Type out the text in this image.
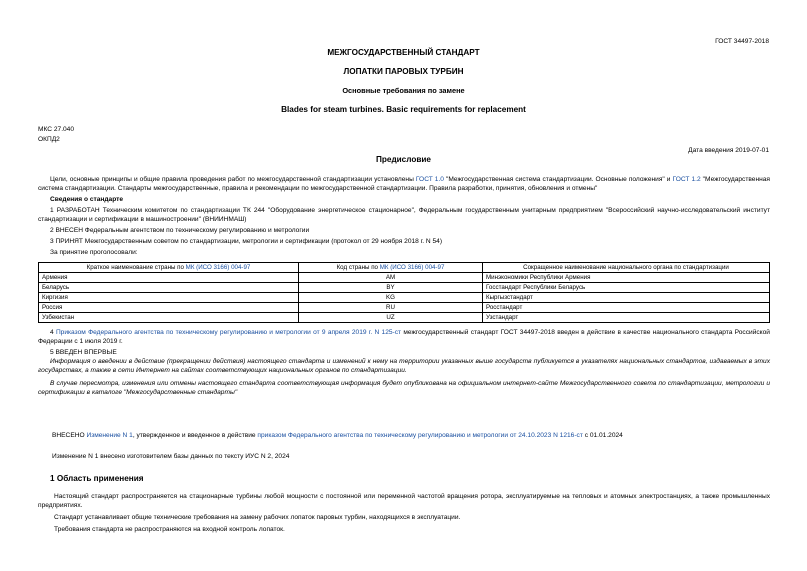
ГОСТ 34497-2018
МЕЖГОСУДАРСТВЕННЫЙ СТАНДАРТ
ЛОПАТКИ ПАРОВЫХ ТУРБИН
Основные требования по замене
Blades for steam turbines. Basic requirements for replacement
МКС 27.040
ОКПД2
Дата введения 2019-07-01
Предисловие
Цели, основные принципы и общие правила проведения работ по межгосударственной стандартизации установлены ГОСТ 1.0 "Межгосударственная система стандартизации. Основные положения" и ГОСТ 1.2 "Межгосударственная система стандартизации. Стандарты межгосударственные, правила и рекомендации по межгосударственной стандартизации. Правила разработки, принятия, обновления и отмены"
Сведения о стандарте
1 РАЗРАБОТАН Техническим комитетом по стандартизации ТК 244 "Оборудование энергетическое стационарное", Федеральным государственным унитарным предприятием "Всероссийский научно-исследовательский институт стандартизации и сертификации в машиностроении" (ВНИИНМАШ)
2 ВНЕСЕН Федеральным агентством по техническому регулированию и метрологии
3 ПРИНЯТ Межгосударственным советом по стандартизации, метрологии и сертификации (протокол от 29 ноября 2018 г. N 54)
За принятие проголосовали:
Краткое наименование страны по МК (ИСО 3166) 004-97	Код страны по МК (ИСО 3166) 004-97	Сокращенное наименование национального органа по стандартизации
Армения	AM	Минэкономики Республики Армения
Беларусь	BY	Госстандарт Республики Беларусь
Киргизия	KG	Кыргызстандарт
Россия	RU	Росстандарт
Узбекистан	UZ	Узстандарт
4 Приказом Федерального агентства по техническому регулированию и метрологии от 9 апреля 2019 г. N 125-ст межгосударственный стандарт ГОСТ 34497-2018 введен в действие в качестве национального стандарта Российской Федерации с 1 июля 2019 г.
5 ВВЕДЕН ВПЕРВЫЕ
Информация о введении в действие (прекращении действия) настоящего стандарта и изменений к нему на территории указанных выше государств публикуется в указателях национальных стандартов, издаваемых в этих государствах, а также в сети Интернет на сайтах соответствующих национальных органов по стандартизации.
В случае пересмотра, изменения или отмены настоящего стандарта соответствующая информация будет опубликована на официальном интернет-сайте Межгосударственного совета по стандартизации, метрологии и сертификации в каталоге "Межгосударственные стандарты"
ВНЕСЕНО Изменение N 1, утвержденное и введенное в действие приказом Федерального агентства по техническому регулированию и метрологии от 24.10.2023 N 1216-ст с 01.01.2024
Изменение N 1 внесено изготовителем базы данных по тексту ИУС N 2, 2024
1 Область применения
Настоящий стандарт распространяется на стационарные турбины любой мощности с постоянной или переменной частотой вращения ротора, эксплуатируемые на тепловых и атомных электростанциях, а также промышленных предприятиях.
Стандарт устанавливает общие технические требования на замену рабочих лопаток паровых турбин, находящихся в эксплуатации.
Требования стандарта не распространяются на входной контроль лопаток.
